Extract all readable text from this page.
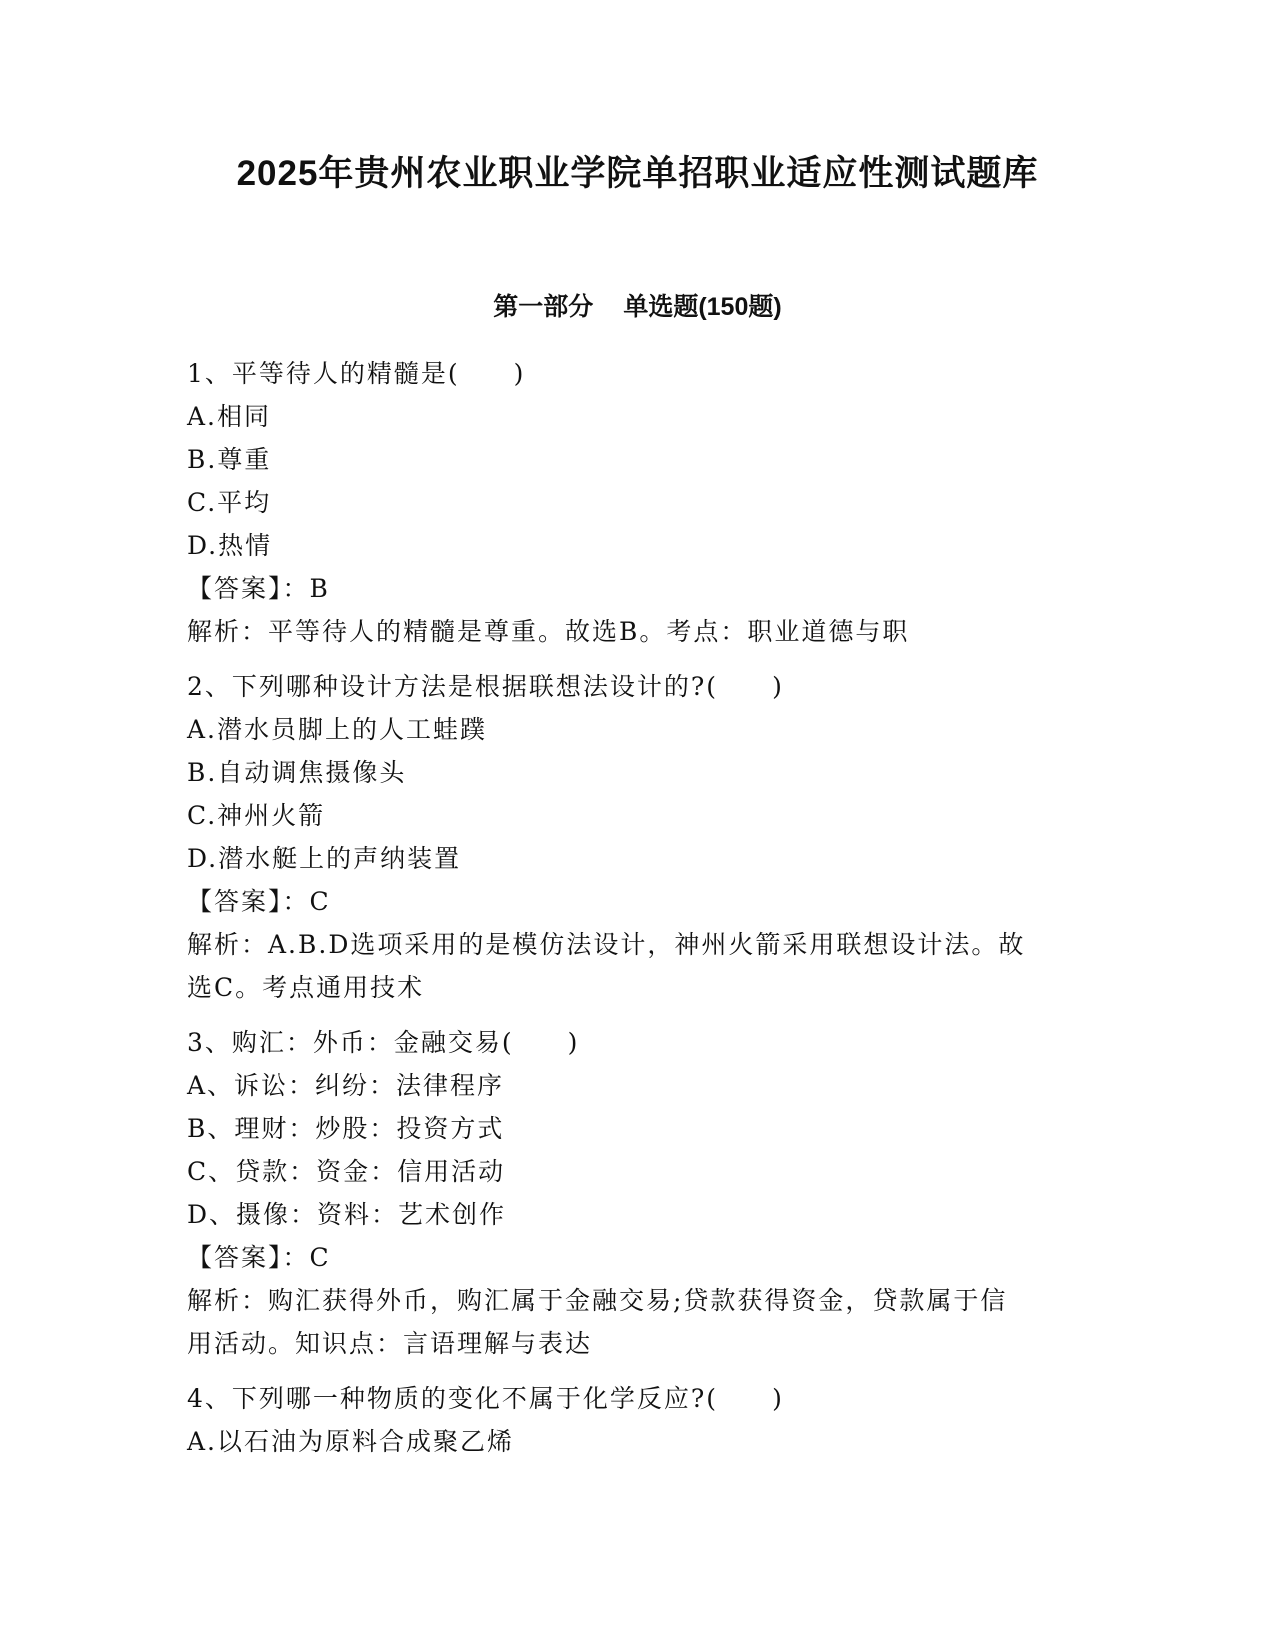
2025年贵州农业职业学院单招职业适应性测试题库
第一部分 单选题(150题)

1、平等待人的精髓是(　　)

A.相同

B.尊重

C.平均

D.热情

【答案】：B

解析：平等待人的精髓是尊重。故选B。考点：职业道德与职

2、下列哪种设计方法是根据联想法设计的?(　　)

A.潜水员脚上的人工蛙蹼

B.自动调焦摄像头

C.神州火箭

D.潜水艇上的声纳装置

【答案】：C

解析：A.B.D选项采用的是模仿法设计，神州火箭采用联想设计法。故

选C。考点通用技术

3、购汇：外币：金融交易(　　)

A、诉讼：纠纷：法律程序

B、理财：炒股：投资方式

C、贷款：资金：信用活动

D、摄像：资料：艺术创作

【答案】：C

解析：购汇获得外币，购汇属于金融交易;贷款获得资金，贷款属于信

用活动。知识点：言语理解与表达

4、下列哪一种物质的变化不属于化学反应?(　　)

A.以石油为原料合成聚乙烯
